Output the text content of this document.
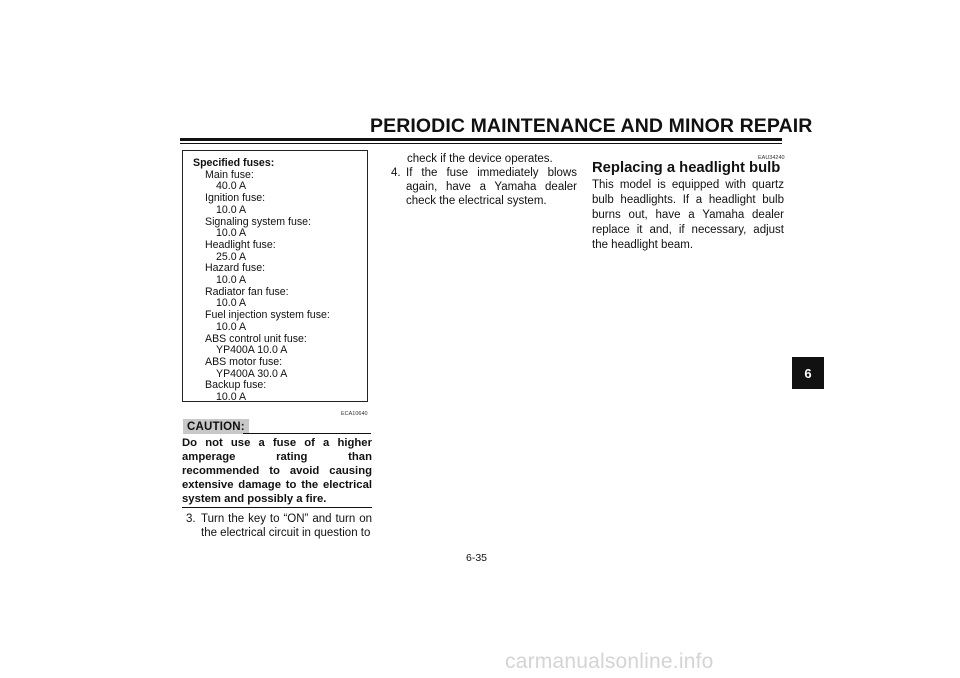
PERIODIC MAINTENANCE AND MINOR REPAIR
Specified fuses:
Main fuse:
40.0 A
Ignition fuse:
10.0 A
Signaling system fuse:
10.0 A
Headlight fuse:
25.0 A
Hazard fuse:
10.0 A
Radiator fan fuse:
10.0 A
Fuel injection system fuse:
10.0 A
ABS control unit fuse:
YP400A 10.0 A
ABS motor fuse:
YP400A 30.0 A
Backup fuse:
10.0 A
ECA10640
CAUTION:
Do not use a fuse of a higher amperage rating than recommended to avoid causing extensive damage to the electrical system and possibly a fire.
3. Turn the key to “ON” and turn on the electrical circuit in question to
check if the device operates.
4. If the fuse immediately blows again, have a Yamaha dealer check the electrical system.
EAU34240
Replacing a headlight bulb
This model is equipped with quartz bulb headlights. If a headlight bulb burns out, have a Yamaha dealer replace it and, if necessary, adjust the headlight beam.
6-35
6
carmanualsonline.info
